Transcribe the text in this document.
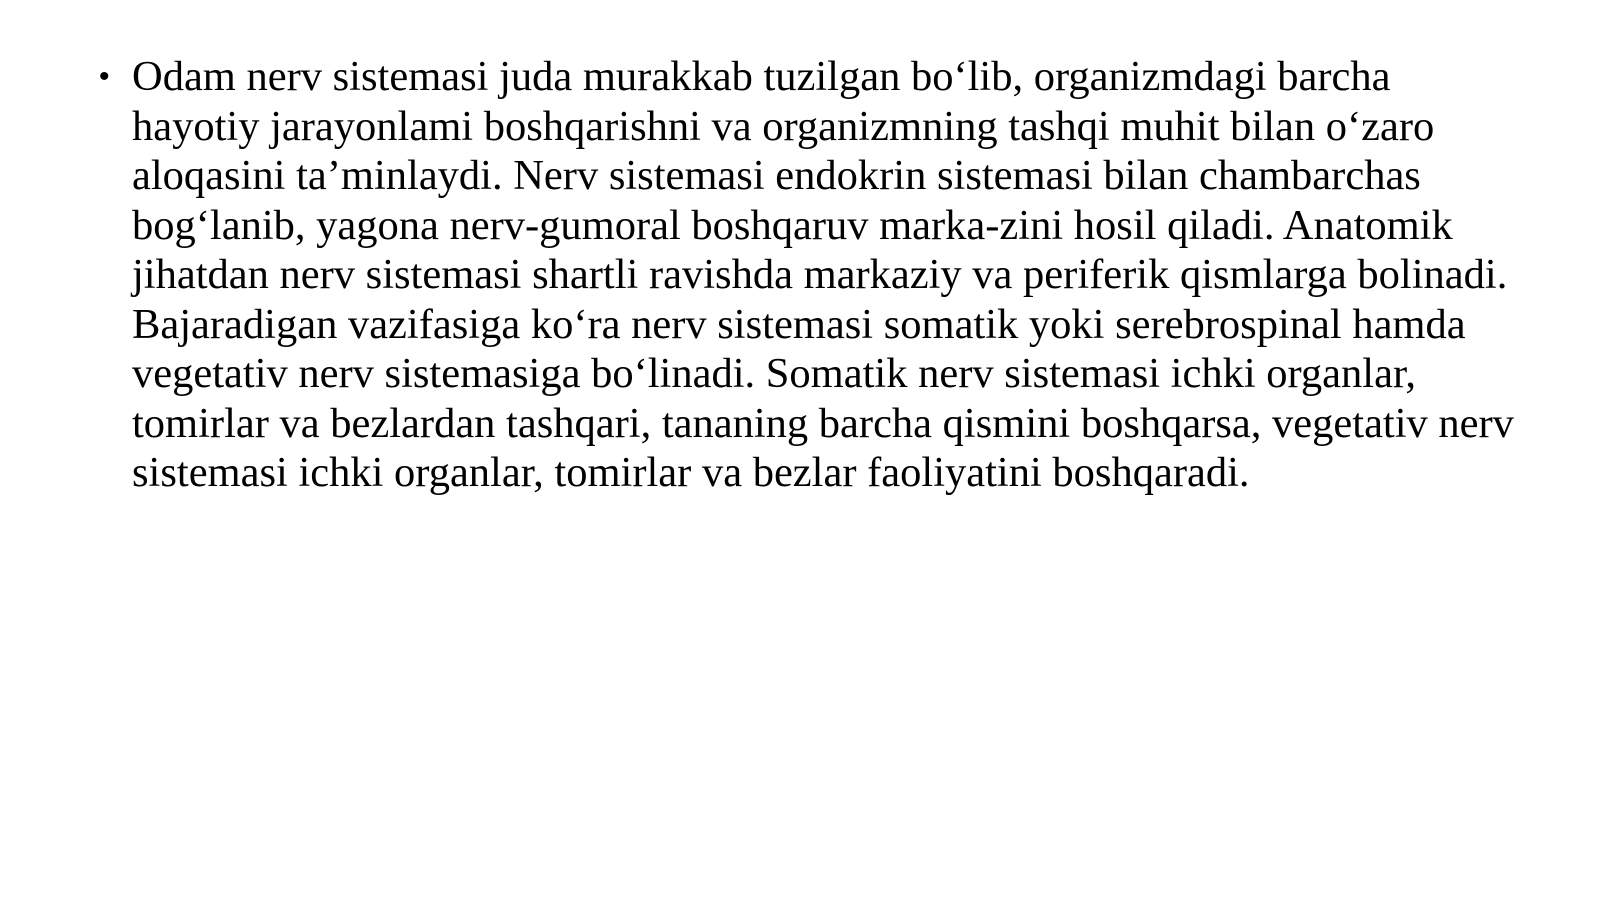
• Odam nerv sistemasi juda murakkab tuzilgan bo‘lib, organizmdagi barcha hayotiy jarayonlami boshqarishni va organizmning tashqi muhit bilan o‘zaro aloqasini ta’minlaydi. Nerv sistemasi endokrin sistemasi bilan chambarchas bog‘lanib, yagona nerv-gumoral boshqaruv marka-zini hosil qiladi. Anatomik jihatdan nerv sistemasi shartli ravishda markaziy va periferik qismlarga bolinadi. Bajaradigan vazifasiga ko‘ra nerv sistemasi somatik yoki serebrospinal hamda vegetativ nerv sistemasiga bo‘linadi. Somatik nerv sistemasi ichki organlar, tomirlar va bezlardan tashqari, tananing barcha qismini boshqarsa, vegetativ nerv sistemasi ichki organlar, tomirlar va bezlar faoliyatini boshqaradi.
